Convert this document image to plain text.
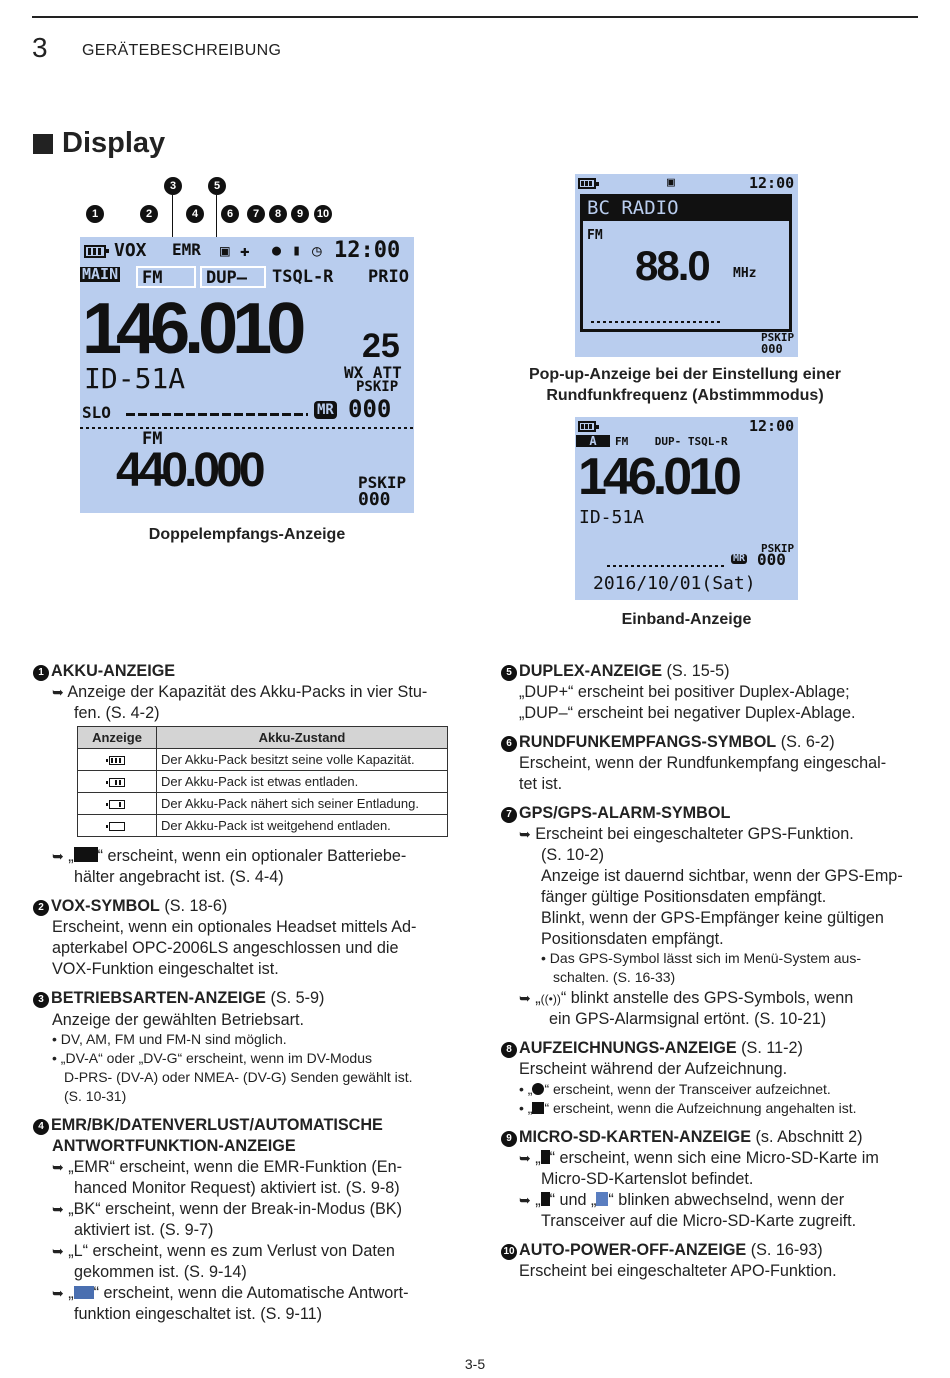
3 GERÄTEBESCHREIBUNG
Display
1	2
3
4
5
6	7	8	9	10
VOX EMR ▣ ✚ ● ▮ ◷ 12:00
MAIN	FM	DUP–	TSQL-R PRIO
146.010 25
ID-51A	WX ATT
PSKIP
SLO	MR 000
FM
440.000	PSKIP
000
Doppelempfangs-Anzeige
▣	12:00
BC RADIO
FM
88.0 MHz
PSKIP
000
Pop-up-Anzeige bei der Einstellung einer
Rundfunkfrequenz (Abstimmmodus)
12:00
A	FM    DUP- TSQL-R
146.010
ID-51A
PSKIP
MR 000
2016/10/01(Sat)
Einband-Anzeige
1 AKKU-ANZEIGE
➥ Anzeige der Kapazität des Akku-Packs in vier Stu-
fen. (S. 4-2)
Anzeige	Akku-Zustand

	Der Akku-Pack besitzt seine volle Kapazität.

	Der Akku-Pack ist etwas entladen.

	Der Akku-Pack nähert sich seiner Entladung.
	Der Akku-Pack ist weitgehend entladen.
➥ „ “ erscheint, wenn ein optionaler Batteriebe-
hälter angebracht ist. (S. 4-4)
2 VOX-SYMBOL (S. 18-6)
Erscheint, wenn ein optionales Headset mittels Ad-
apterkabel OPC-2006LS angeschlossen und die
VOX-Funktion eingeschaltet ist.
3 BETRIEBSARTEN-ANZEIGE (S. 5-9)
Anzeige der gewählten Betriebsart.
• DV, AM, FM und FM-N sind möglich.
• „DV-A“ oder „DV-G“ erscheint, wenn im DV-Modus
D-PRS- (DV-A) oder NMEA- (DV-G) Senden gewählt ist.
(S. 10-31)
4 EMR/BK/DATENVERLUST/AUTOMATISCHE
ANTWORTFUNKTION-ANZEIGE
➥ „EMR“ erscheint, wenn die EMR-Funktion (En-
hanced Monitor Request) aktiviert ist. (S. 9-8)
➥ „BK“ erscheint, wenn der Break-in-Modus (BK)
aktiviert ist. (S. 9-7)
➥ „L“ erscheint, wenn es zum Verlust von Daten
gekommen ist. (S. 9-14)
➥ „ “ erscheint, wenn die Automatische Antwort-
funktion eingeschaltet ist. (S. 9-11)
5 DUPLEX-ANZEIGE (S. 15-5)
„DUP+“ erscheint bei positiver Duplex-Ablage;
„DUP–“ erscheint bei negativer Duplex-Ablage.
6 RUNDFUNKEMPFANGS-SYMBOL (S. 6-2)
Erscheint, wenn der Rundfunkempfang eingeschal-
tet ist.
7 GPS/GPS-ALARM-SYMBOL
➥ Erscheint bei eingeschalteter GPS-Funktion.
(S. 10-2)
Anzeige ist dauernd sichtbar, wenn der GPS-Emp-
fänger gültige Positionsdaten empfängt.
Blinkt, wenn der GPS-Empfänger keine gültigen
Positionsdaten empfängt.
• Das GPS-Symbol lässt sich im Menü-System aus-
schalten. (S. 16-33)
➥ „((•))“ blinkt anstelle des GPS-Symbols, wenn
ein GPS-Alarmsignal ertönt. (S. 10-21)
8 AUFZEICHNUNGS-ANZEIGE (S. 11-2)
Erscheint während der Aufzeichnung.
• „ “ erscheint, wenn der Transceiver aufzeichnet.
• „ “ erscheint, wenn die Aufzeichnung angehalten ist.
9 MICRO-SD-KARTEN-ANZEIGE (s. Abschnitt 2)
➥ „ “ erscheint, wenn sich eine Micro-SD-Karte im
Micro-SD-Kartenslot befindet.
➥ „ “ und „ “ blinken abwechselnd, wenn der
Transceiver auf die Micro-SD-Karte zugreift.
10 AUTO-POWER-OFF-ANZEIGE (S. 16-93)
Erscheint bei eingeschalteter APO-Funktion.
3-5
